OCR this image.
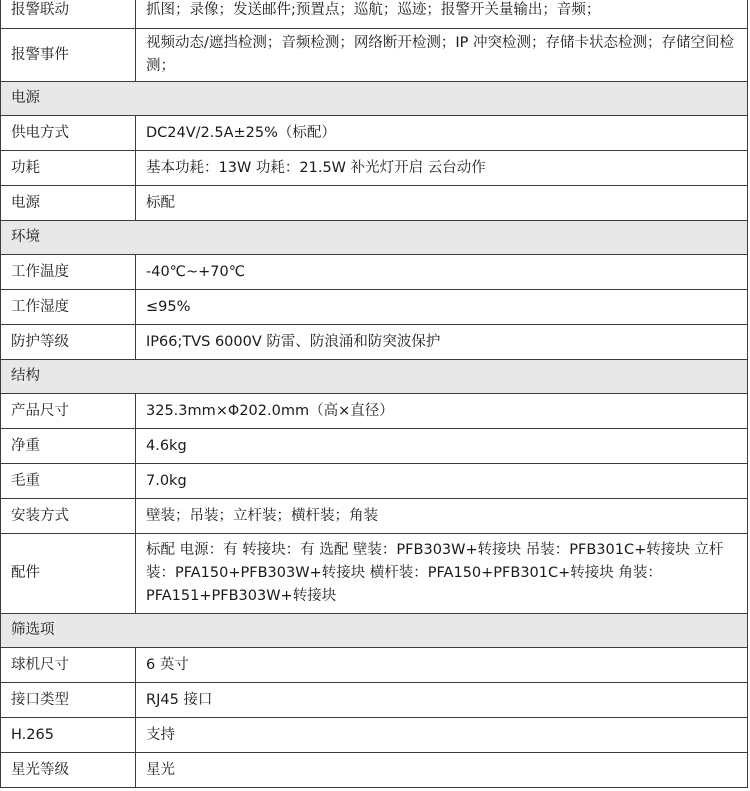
报警联动	抓图；录像；发送邮件;预置点；巡航；巡迹；报警开关量输出；音频；
报警事件	视频动态/遮挡检测；音频检测；网络断开检测；IP 冲突检测；存储卡状态检测；存储空间检测；
电源	
供电方式	DC24V/2.5A±25%（标配）
功耗	基本功耗：13W 功耗：21.5W 补光灯开启 云台动作
电源	标配
环境	
工作温度	-40℃~+70℃
工作湿度	≤95%
防护等级	IP66;TVS 6000V 防雷、防浪涌和防突波保护
结构	
产品尺寸	325.3mm×Φ202.0mm（高×直径）
净重	4.6kg
毛重	7.0kg
安装方式	壁装；吊装；立杆装；横杆装；角装
配件	标配 电源：有 转接块：有 选配 壁装：PFB303W+转接块 吊装：PFB301C+转接块 立杆装：PFA150+PFB303W+转接块 横杆装：PFA150+PFB301C+转接块 角装：PFA151+PFB303W+转接块
筛选项	
球机尺寸	6 英寸
接口类型	RJ45 接口
H.265	支持
星光等级	星光
